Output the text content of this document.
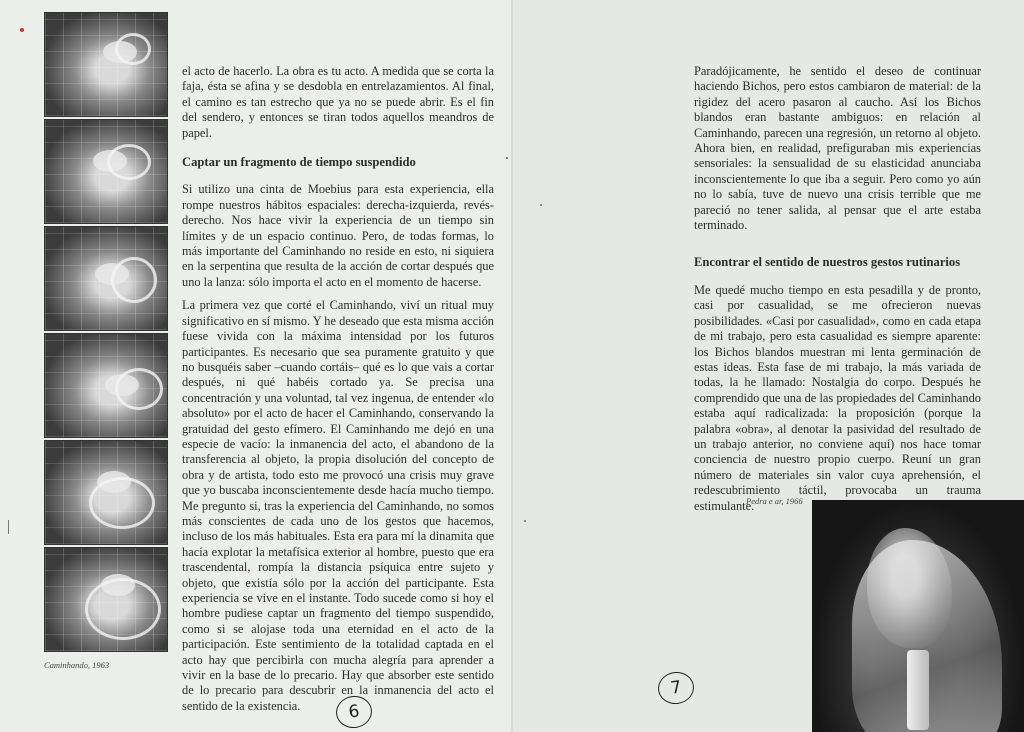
Caminhando, 1963

el acto de hacerlo. La obra es tu acto. A medida que se corta la faja, ésta se afina y se desdobla en entrelazamientos. Al final, el camino es tan estrecho que ya no se puede abrir. Es el fin del sendero, y entonces se tiran todos aquellos meandros de papel.

Captar un fragmento de tiempo suspendido

Si utilizo una cinta de Moebius para esta experiencia, ella rompe nuestros hábitos espaciales: derecha-izquierda, revés-derecho. Nos hace vivir la experiencia de un tiempo sin límites y de un espacio continuo. Pero, de todas formas, lo más importante del Caminhando no reside en esto, ni siquiera en la serpentina que resulta de la acción de cortar después que uno la lanza: sólo importa el acto en el momento de hacerse.

La primera vez que corté el Caminhando, viví un ritual muy significativo en sí mismo. Y he deseado que esta misma acción fuese vivida con la máxima intensidad por los futuros participantes. Es necesario que sea puramente gratuito y que no busquéis saber –cuando cortáis– qué es lo que vais a cortar después, ni qué habéis cortado ya. Se precisa una concentración y una voluntad, tal vez ingenua, de entender «lo absoluto» por el acto de hacer el Caminhando, conservando la gratuidad del gesto efímero. El Caminhando me dejó en una especie de vacío: la inmanencia del acto, el abandono de la transferencia al objeto, la propia disolución del concepto de obra y de artista, todo esto me provocó una crisis muy grave que yo buscaba inconscientemente desde hacía mucho tiempo. Me pregunto si, tras la experiencia del Caminhando, no somos más conscientes de cada uno de los gestos que hacemos, incluso de los más habituales. Esta era para mí la dinamita que hacía explotar la metafísica exterior al hombre, puesto que era trascendental, rompía la distancia psíquica entre sujeto y objeto, que existía sólo por la acción del participante. Esta experiencia se vive en el instante. Todo sucede como si hoy el hombre pudiese captar un fragmento del tiempo suspendido, como si se alojase toda una eternidad en el acto de la participación. Este sentimiento de la totalidad captada en el acto hay que percibirla con mucha alegría para aprender a vivir en la base de lo precario. Hay que absorber este sentido de lo precario para descubrir en la inmanencia del acto el sentido de la existencia.	6

Paradójicamente, he sentido el deseo de continuar haciendo Bichos, pero estos cambiaron de material: de la rigidez del acero pasaron al caucho. Así los Bichos blandos eran bastante ambiguos: en relación al Caminhando, parecen una regresión, un retorno al objeto. Ahora bien, en realidad, prefiguraban mis experiencias sensoriales: la sensualidad de su elasticidad anunciaba inconscientemente lo que iba a seguir. Pero como yo aún no lo sabía, tuve de nuevo una crisis terrible que me pareció no tener salida, al pensar que el arte estaba terminado.

Encontrar el sentido de nuestros gestos rutinarios

Me quedé mucho tiempo en esta pesadilla y de pronto, casi por casualidad, se me ofrecieron nuevas posibilidades. «Casi por casualidad», como en cada etapa de mi trabajo, pero esta casualidad es siempre aparente: los Bichos blandos muestran mi lenta germinación de estas ideas. Esta fase de mi trabajo, la más variada de todas, la he llamado: Nostalgia do corpo. Después he comprendido que una de las propiedades del Caminhando estaba aquí radicalizada: la proposición (porque la palabra «obra», al denotar la pasividad del resultado de un trabajo anterior, no conviene aquí) nos hace tomar conciencia de nuestro propio cuerpo. Reuní un gran número de materiales sin valor cuya aprehensión, el redescubrimiento táctil, provocaba un trauma estimulante.

Pedra e ar, 1966
7
